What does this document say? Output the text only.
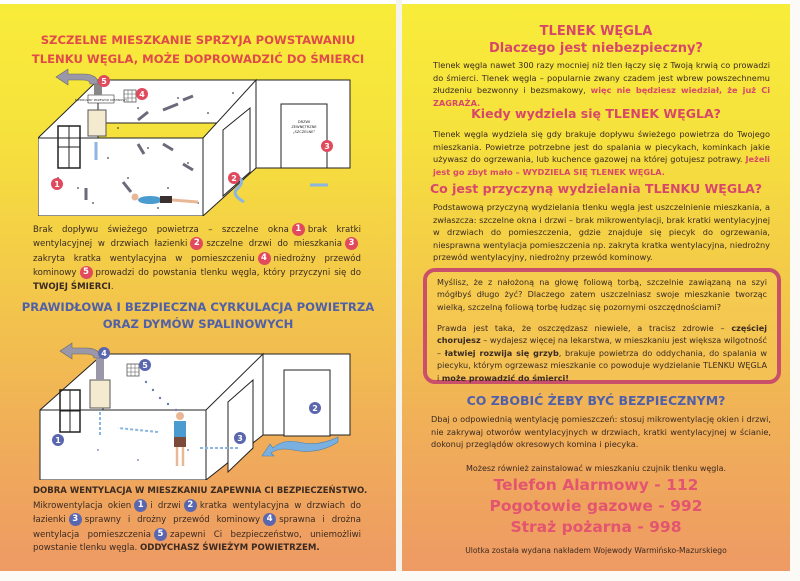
SZCZELNE MIESZKANIE SPRZYJA POWSTAWANIU
TLENKU WĘGLA, MOŻE DOPROWADZIĆ DO ŚMIERCI
NIEDROŻNY PRZEWÓD KOMINOWY
DRZWI
ZEWNĘTRZNE
„SZCZELNE”
1
2
3
4
5
Brak dopływu świeżego powietrza – szczelne okna 1 brak kratki wentylacyjnej w drzwiach łazienki 2 szczelne drzwi do mieszkania 3zakryta kratka wentylacyjna w pomieszczeniu 4 niedrożny przewód kominowy 5 prowadzi do powstania tlenku węgla, który przyczyni się do TWOJEJ ŚMIERCI.
PRAWIDŁOWA I BEZPIECZNA CYRKULACJA POWIETRZA
ORAZ DYMÓW SPALINOWYCH
1
2
3
4
5
DOBRA WENTYLACJA W MIESZKANIU ZAPEWNIA CI BEZPIECZEŃSTWO.
Mikrowentylacja okien 1 i drzwi 2 kratka wentylacyjna w drzwiach do łazienki 3 sprawny i drożny przewód kominowy 4 sprawna i drożna wentylacja pomieszczenia 5 zapewni Ci bezpieczeństwo, uniemożliwi powstanie tlenku węgla. ODDYCHASZ ŚWIEŻYM POWIETRZEM.
TLENEK WĘGLA
Dlaczego jest niebezpieczny?
Tlenek węgla nawet 300 razy mocniej niż tlen łączy się z Twoją krwią co prowadzi do śmierci. Tlenek węgla – popularnie zwany czadem jest wbrew powszechnemu złudzeniu bezwonny i bezsmakowy, więc nie będziesz wiedział, że już Ci ZAGRAŻA.
Kiedy wydziela się TLENEK WĘGLA?
Tlenek węgla wydziela się gdy brakuje dopływu świeżego powietrza do Twojego mieszkania. Powietrze potrzebne jest do spalania w piecykach, kominkach jakie używasz do ogrzewania, lub kuchence gazowej na której gotujesz potrawy. Jeżeli jest go zbyt mało – WYDZIELA SIĘ TLENEK WĘGLA.
Co jest przyczyną wydzielania TLENKU WĘGLA?
Podstawową przyczyną wydzielania tlenku węgla jest uszczelnienie mieszkania, a zwłaszcza: szczelne okna i drzwi – brak mikrowentylacji, brak kratki wentylacyjnej w drzwiach do pomieszczenia, gdzie znajduje się piecyk do ogrzewania, niesprawna wentylacja pomieszczenia np. zakryta kratka wentylacyjna, niedrożny przewód wentylacyjny, niedrożny przewód kominowy.
Myślisz, że z nałożoną na głowę foliową torbą, szczelnie zawiązaną na szyi mógłbyś długo żyć? Dlaczego zatem uszczelniasz swoje mieszkanie tworząc wielką, szczelną foliową torbę łudząc się pozornymi oszczędnościami?
Prawda jest taka, że oszczędzasz niewiele, a tracisz zdrowie – częściej chorujesz – wydajesz więcej na lekarstwa, w mieszkaniu jest większa wilgotność – łatwiej rozwija się grzyb, brakuje powietrza do oddychania, do spalania w piecyku, którym ogrzewasz mieszkanie co powoduje wydzielanie TLENKU WĘGLA i może prowadzić do śmierci!
CO ZBOBIĆ ŻEBY BYĆ BEZPIECZNYM?
Dbaj o odpowiednią wentylację pomieszczeń: stosuj mikrowentylację okien i drzwi, nie zakrywaj otworów wentylacyjnych w drzwiach, kratki wentylacyjnej w ścianie, dokonuj przeglądów okresowych komina i piecyka.
Możesz również zainstalować w mieszkaniu czujnik tlenku węgla.
Telefon Alarmowy - 112
Pogotowie gazowe - 992
Straż pożarna - 998
Ulotka została wydana nakładem Wojewody Warmińsko-Mazurskiego
